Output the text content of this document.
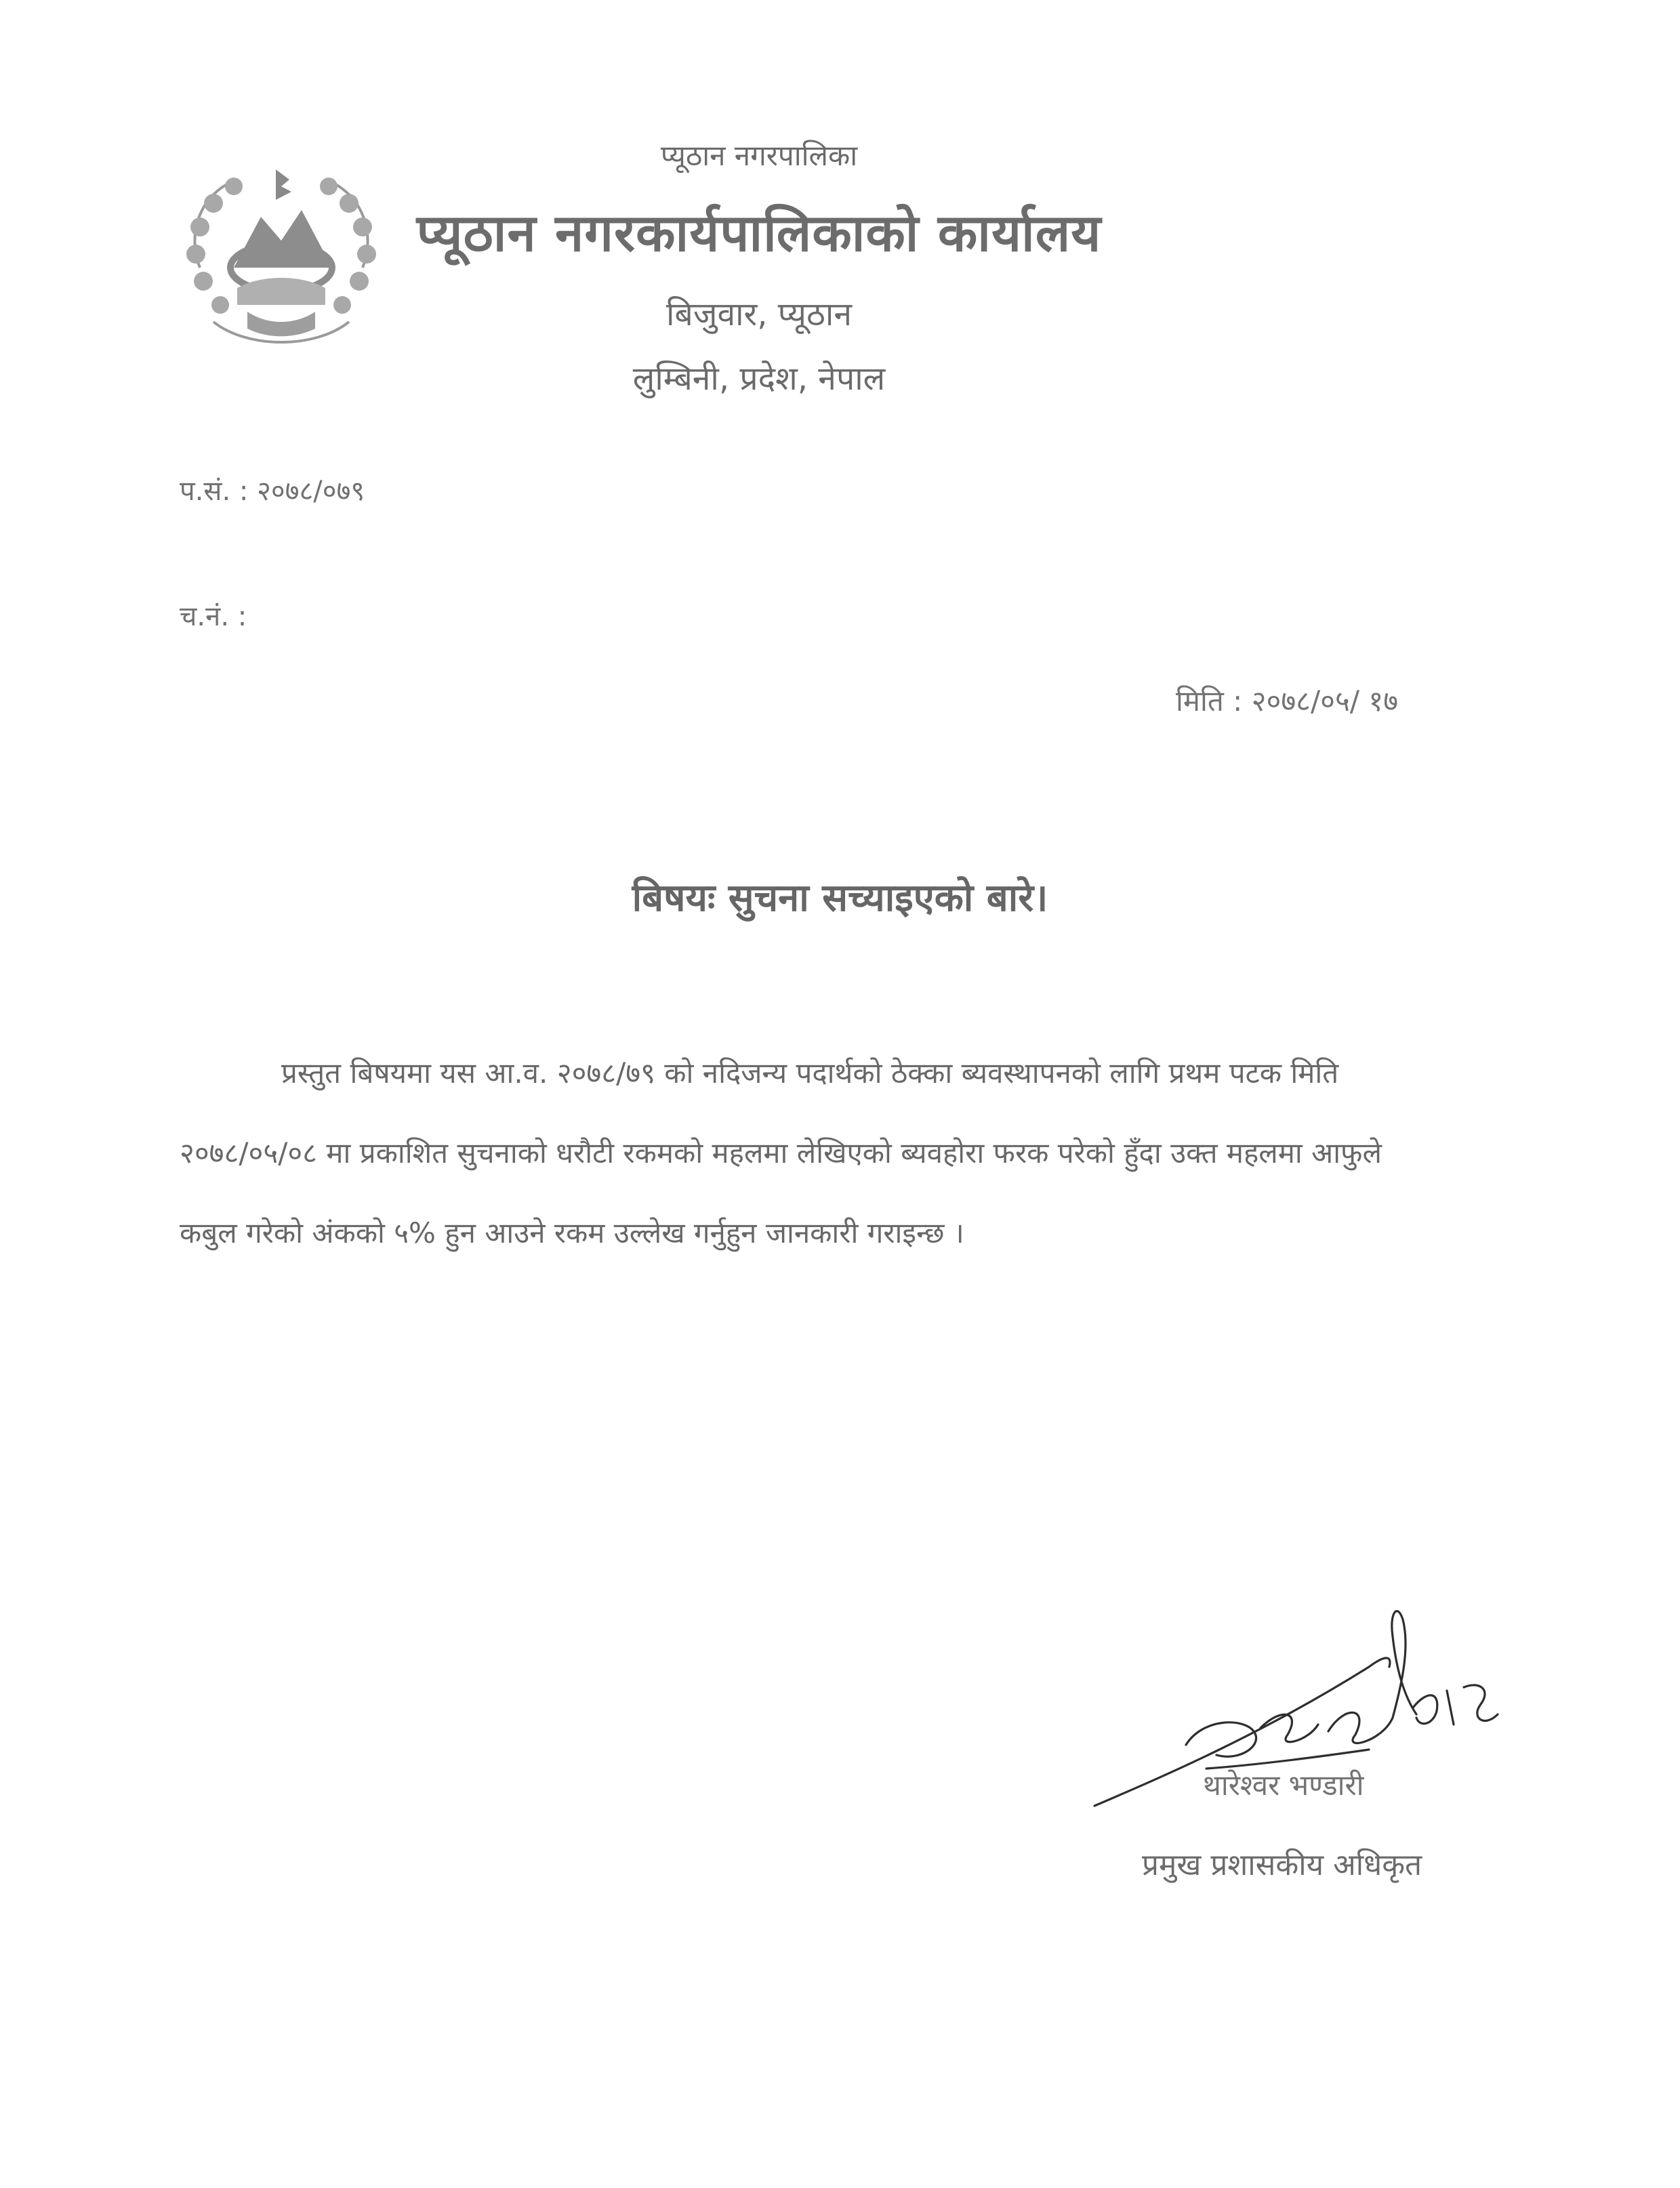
प्यूठान नगरपालिका
प्यूठान नगरकार्यपालिकाको कार्यालय
बिजुवार, प्यूठान
लुम्बिनी, प्रदेश, नेपाल
प.सं. : २०७८/०७९
च.नं. :
मिति : २०७८/०५/ १७
बिषयः सुचना सच्याइएको बारे।

प्रस्तुत बिषयमा यस आ.व. २०७८/७९ को नदिजन्य पदार्थको ठेक्का ब्यवस्थापनको लागि प्रथम पटक मिति २०७८/०५/०८ मा प्रकाशित सुचनाको धरौटी रकमको महलमा लेखिएको ब्यवहोरा फरक परेको हुँदा उक्त महलमा आफुले कबुल गरेको अंकको ५% हुन आउने रकम उल्लेख गर्नुहुन जानकारी गराइन्छ ।

थारेश्वर भण्डारी
प्रमुख प्रशासकीय अधिकृत
